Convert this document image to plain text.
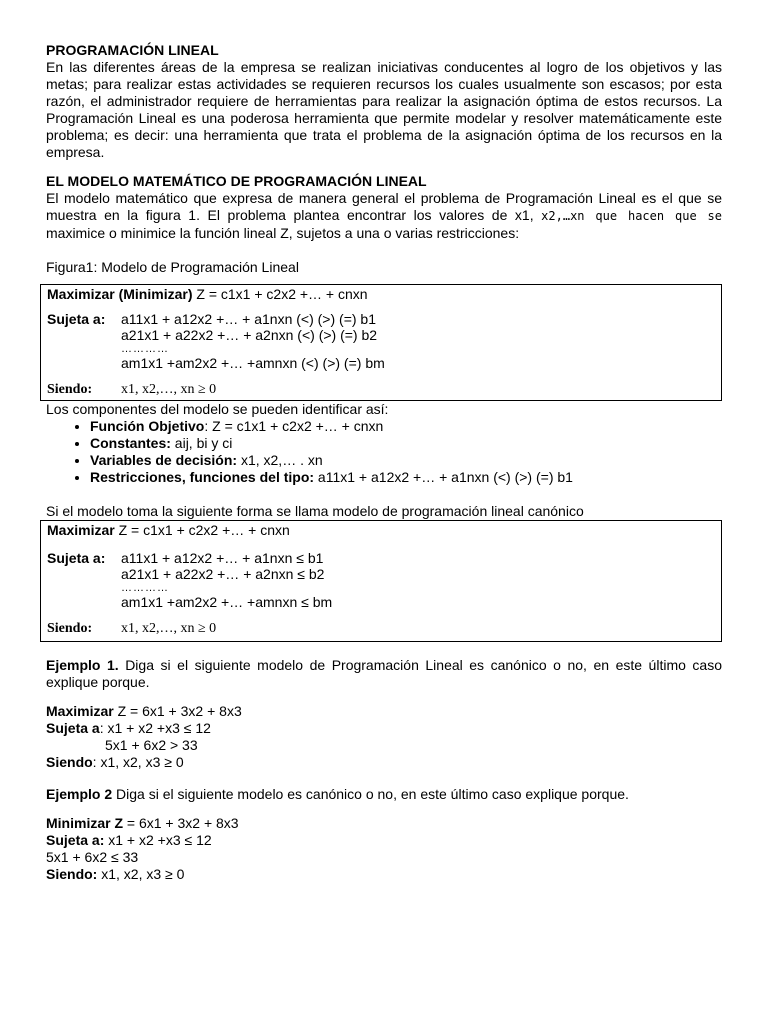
PROGRAMACIÓN LINEAL

En las diferentes áreas de la empresa se realizan iniciativas conducentes al logro de los objetivos y las metas; para realizar estas actividades se requieren recursos los cuales usualmente son escasos; por esta razón, el administrador requiere de herramientas para realizar la asignación óptima de estos recursos. La Programación Lineal es una poderosa herramienta que permite modelar y resolver matemáticamente este problema; es decir: una herramienta que trata el problema de la asignación óptima de los recursos en la empresa.

EL MODELO MATEMÁTICO DE PROGRAMACIÓN LINEAL

El modelo matemático que expresa de manera general el problema de Programación Lineal es el que se muestra en la figura 1. El problema plantea encontrar los valores de x1, x2,…xn que hacen que se maximice o minimice la función lineal Z, sujetos a una o varias restricciones:

Figura1: Modelo de Programación Lineal

Maximizar (Minimizar)
Z = c1x1 + c2x2 +… + cnxn
Sujeta a:	a11x1 + a12x2 +… + a1nxn (<) (>) (=) b1
a21x1 + a22x2 +… + a2nxn (<) (>) (=) b2
…………
am1x1 +am2x2 +… +amnxn (<) (>) (=) bm
Siendo:	x1, x2,…, xn ≥ 0

Los componentes del modelo se pueden identificar así:

• Función Objetivo: Z = c1x1 + c2x2 +… + cnxn
• Constantes: aij, bi y ci
• Variables de decisión: x1, x2,… . xn
• Restricciones, funciones del tipo: a11x1 + a12x2 +… + a1nxn (<) (>) (=) b1

Si el modelo toma la siguiente forma se llama modelo de programación lineal canónico

Maximizar
Z = c1x1 + c2x2 +… + cnxn
Sujeta a:	a11x1 + a12x2 +… + a1nxn ≤ b1
a21x1 + a22x2 +… + a2nxn ≤ b2
…………
am1x1 +am2x2 +… +amnxn ≤ bm
Siendo:	x1, x2,…, xn ≥ 0

Ejemplo 1. Diga si el siguiente modelo de Programación Lineal es canónico o no, en este último caso explique porque.

Maximizar Z = 6x1 + 3x2 + 8x3

Sujeta a: x1 + x2 +x3 ≤ 12

5x1 + 6x2 > 33

Siendo: x1, x2, x3 ≥ 0

Ejemplo 2 Diga si el siguiente modelo es canónico o no, en este último caso explique porque.

Minimizar Z = 6x1 + 3x2 + 8x3

Sujeta a: x1 + x2 +x3 ≤ 12

5x1 + 6x2 ≤ 33

Siendo: x1, x2, x3 ≥ 0
